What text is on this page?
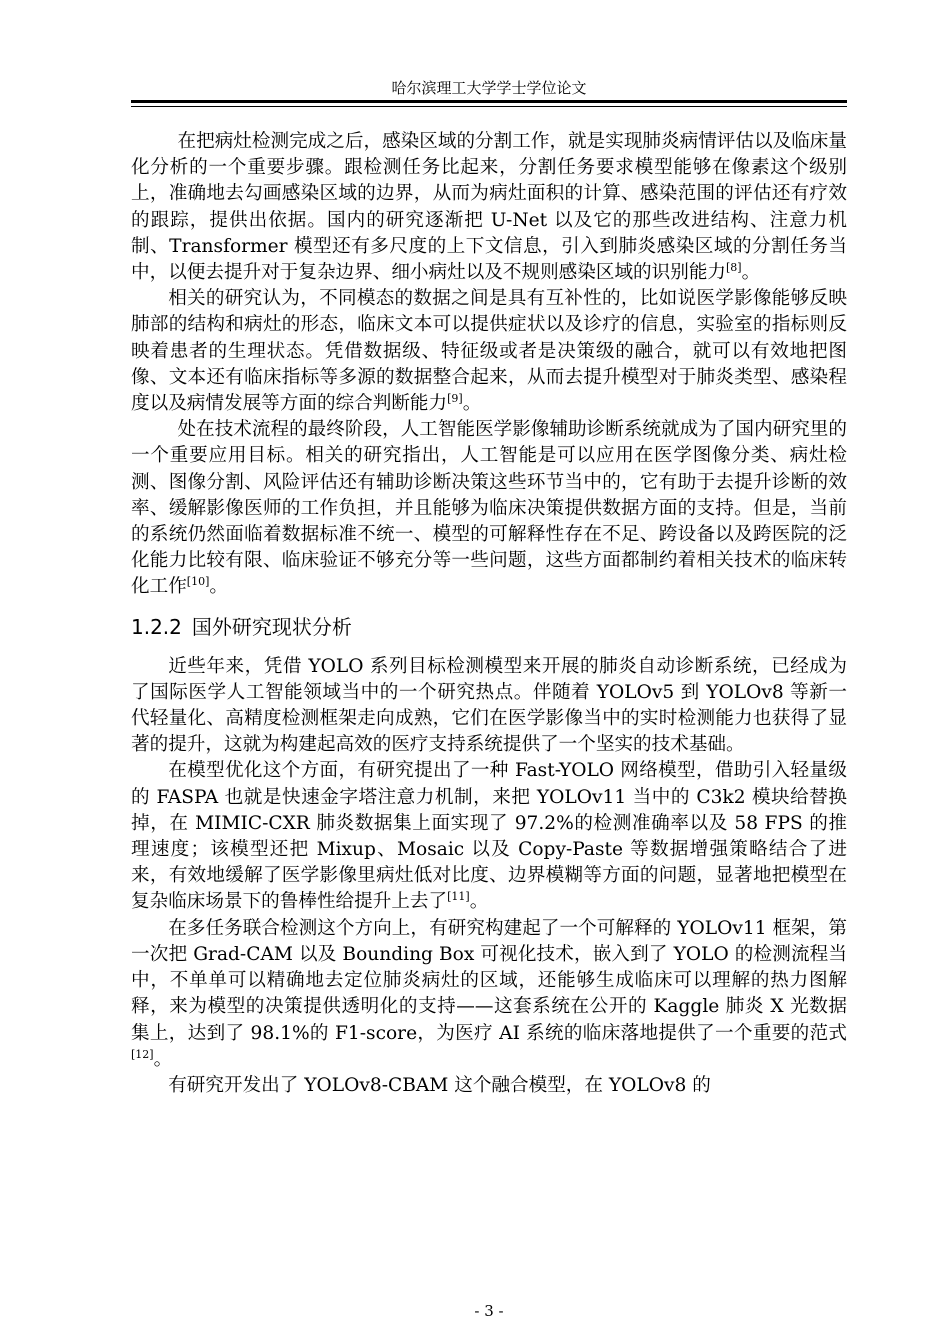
哈尔滨理工大学学士学位论文

在把病灶检测完成之后，感染区域的分割工作，就是实现肺炎病情评估以及临床量化分析的一个重要步骤。跟检测任务比起来，分割任务要求模型能够在像素这个级别上，准确地去勾画感染区域的边界，从而为病灶面积的计算、感染范围的评估还有疗效的跟踪，提供出依据。国内的研究逐渐把 U-Net 以及它的那些改进结构、注意力机制、Transformer 模型还有多尺度的上下文信息，引入到肺炎感染区域的分割任务当中，以便去提升对于复杂边界、细小病灶以及不规则感染区域的识别能力[8]。

相关的研究认为，不同模态的数据之间是具有互补性的，比如说医学影像能够反映肺部的结构和病灶的形态，临床文本可以提供症状以及诊疗的信息，实验室的指标则反映着患者的生理状态。凭借数据级、特征级或者是决策级的融合，就可以有效地把图像、文本还有临床指标等多源的数据整合起来，从而去提升模型对于肺炎类型、感染程度以及病情发展等方面的综合判断能力[9]。

处在技术流程的最终阶段，人工智能医学影像辅助诊断系统就成为了国内研究里的一个重要应用目标。相关的研究指出，人工智能是可以应用在医学图像分类、病灶检测、图像分割、风险评估还有辅助诊断决策这些环节当中的，它有助于去提升诊断的效率、缓解影像医师的工作负担，并且能够为临床决策提供数据方面的支持。但是，当前的系统仍然面临着数据标准不统一、模型的可解释性存在不足、跨设备以及跨医院的泛化能力比较有限、临床验证不够充分等一些问题，这些方面都制约着相关技术的临床转化工作[10]。

1.2.2 国外研究现状分析

近些年来，凭借 YOLO 系列目标检测模型来开展的肺炎自动诊断系统，已经成为了国际医学人工智能领域当中的一个研究热点。伴随着 YOLOv5 到 YOLOv8 等新一代轻量化、高精度检测框架走向成熟，它们在医学影像当中的实时检测能力也获得了显著的提升，这就为构建起高效的医疗支持系统提供了一个坚实的技术基础。

在模型优化这个方面，有研究提出了一种 Fast-YOLO 网络模型，借助引入轻量级的 FASPA 也就是快速金字塔注意力机制，来把 YOLOv11 当中的 C3k2 模块给替换掉，在 MIMIC-CXR 肺炎数据集上面实现了 97.2%的检测准确率以及 58 FPS 的推理速度；该模型还把 Mixup、Mosaic 以及 Copy-Paste 等数据增强策略结合了进来，有效地缓解了医学影像里病灶低对比度、边界模糊等方面的问题，显著地把模型在复杂临床场景下的鲁棒性给提升上去了[11]。

在多任务联合检测这个方向上，有研究构建起了一个可解释的 YOLOv11 框架，第一次把 Grad-CAM 以及 Bounding Box 可视化技术，嵌入到了 YOLO 的检测流程当中，不单单可以精确地去定位肺炎病灶的区域，还能够生成临床可以理解的热力图解释，来为模型的决策提供透明化的支持——这套系统在公开的 Kaggle 肺炎 X 光数据集上，达到了 98.1%的 F1-score，为医疗 AI 系统的临床落地提供了一个重要的范式[12]。

有研究开发出了 YOLOv8-CBAM 这个融合模型，在 YOLOv8 的

- 3 -
